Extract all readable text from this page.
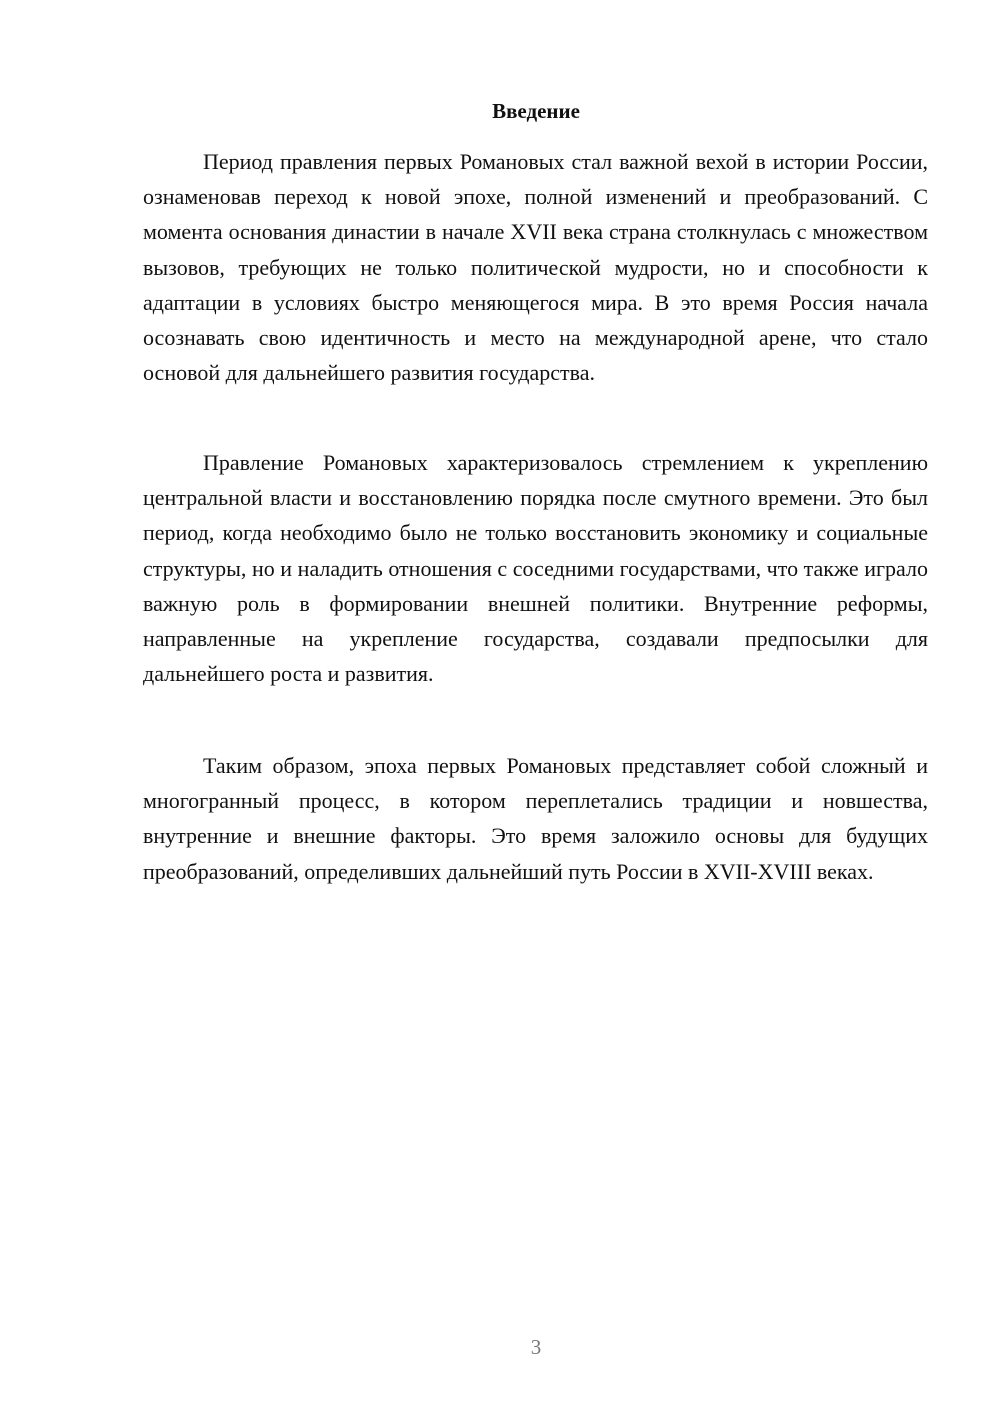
Введение

Период правления первых Романовых стал важной вехой в истории России, ознаменовав переход к новой эпохе, полной изменений и преобразований. С момента основания династии в начале XVII века страна столкнулась с множеством вызовов, требующих не только политической мудрости, но и способности к адаптации в условиях быстро меняющегося мира. В это время Россия начала осознавать свою идентичность и место на международной арене, что стало основой для дальнейшего развития государства.

Правление Романовых характеризовалось стремлением к укреплению центральной власти и восстановлению порядка после смутного времени. Это был период, когда необходимо было не только восстановить экономику и социальные структуры, но и наладить отношения с соседними государствами, что также играло важную роль в формировании внешней политики. Внутренние реформы, направленные на укрепление государства, создавали предпосылки для дальнейшего роста и развития.

Таким образом, эпоха первых Романовых представляет собой сложный и многогранный процесс, в котором переплетались традиции и новшества, внутренние и внешние факторы. Это время заложило основы для будущих преобразований, определивших дальнейший путь России в XVII-XVIII веках.

3
